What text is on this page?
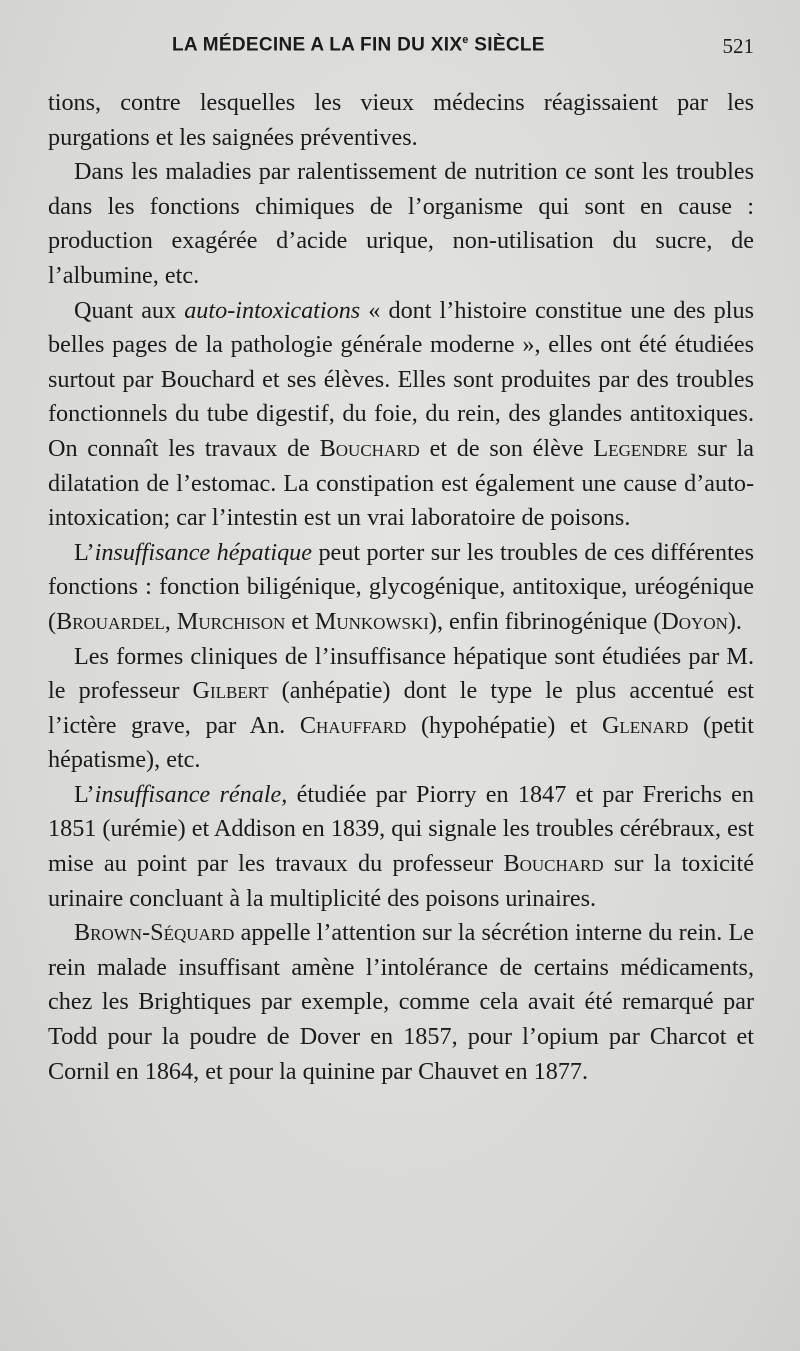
LA MÉDECINE A LA FIN DU XIXe SIÈCLE	521

tions, contre lesquelles les vieux médecins réagissaient par les purgations et les saignées préventives.

Dans les maladies par ralentissement de nutrition ce sont les troubles dans les fonctions chimiques de l’organisme qui sont en cause : production exagérée d’acide urique, non-utilisation du sucre, de l’albumine, etc.

Quant aux auto-intoxications « dont l’histoire constitue une des plus belles pages de la pathologie générale moderne », elles ont été étudiées surtout par Bouchard et ses élèves. Elles sont produites par des troubles fonctionnels du tube digestif, du foie, du rein, des glandes antitoxiques. On connaît les travaux de Bouchard et de son élève Legendre sur la dilatation de l’estomac. La constipation est également une cause d’auto-intoxication; car l’intestin est un vrai laboratoire de poisons.

L’insuffisance hépatique peut porter sur les troubles de ces différentes fonctions : fonction biligénique, glycogénique, antitoxique, uréogénique (Brouardel, Murchison et Munkowski), enfin fibrinogénique (Doyon).

Les formes cliniques de l’insuffisance hépatique sont étudiées par M. le professeur Gilbert (anhépatie) dont le type le plus accentué est l’ictère grave, par An. Chauffard (hypohépatie) et Glenard (petit hépatisme), etc.

L’insuffisance rénale, étudiée par Piorry en 1847 et par Frerichs en 1851 (urémie) et Addison en 1839, qui signale les troubles cérébraux, est mise au point par les travaux du professeur Bouchard sur la toxicité urinaire concluant à la multiplicité des poisons urinaires.

Brown-Séquard appelle l’attention sur la sécrétion interne du rein. Le rein malade insuffisant amène l’intolérance de certains médicaments, chez les Brightiques par exemple, comme cela avait été remarqué par Todd pour la poudre de Dover en 1857, pour l’opium par Charcot et Cornil en 1864, et pour la quinine par Chauvet en 1877.
